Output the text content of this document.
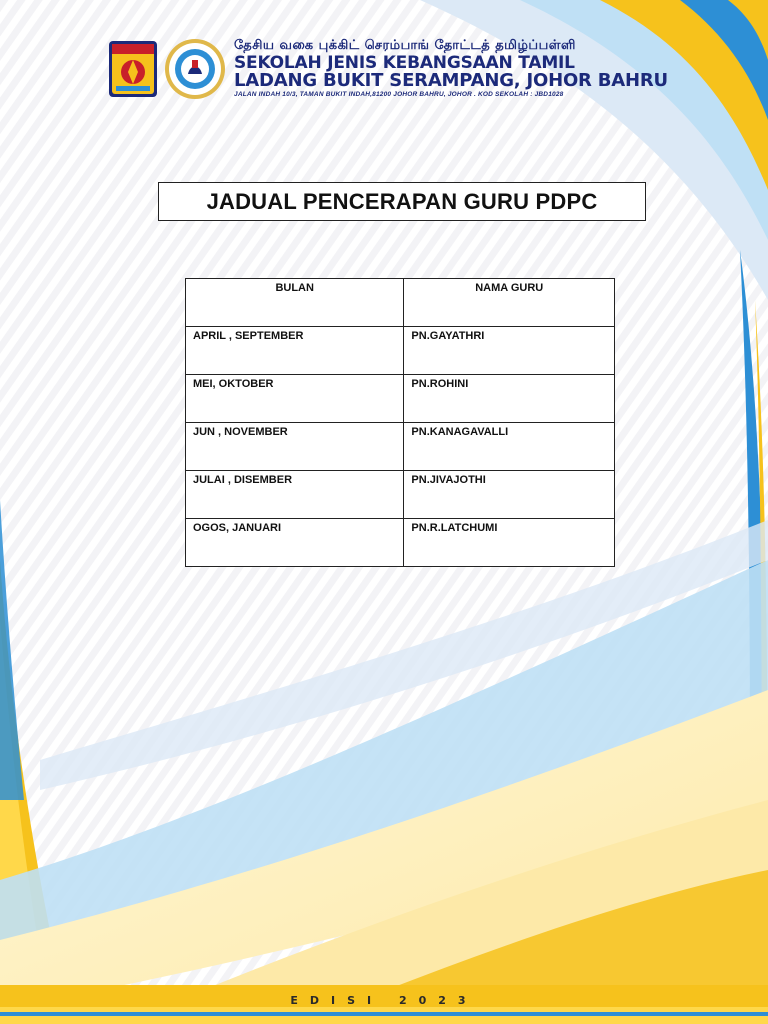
தேசிய வகை புக்கிட் செரம்பாங் தோட்டத் தமிழ்ப்பள்ளி
SEKOLAH JENIS KEBANGSAAN TAMIL
LADANG BUKIT SERAMPANG, JOHOR BAHRU
JALAN INDAH 10/3, TAMAN BUKIT INDAH,81200 JOHOR BAHRU, JOHOR . KOD SEKOLAH : JBD1028
JADUAL PENCERAPAN GURU PDPC
BULAN	NAMA GURU
APRIL , SEPTEMBER	PN.GAYATHRI
MEI, OKTOBER	PN.ROHINI
JUN , NOVEMBER	PN.KANAGAVALLI
JULAI , DISEMBER	PN.JIVAJOTHI
OGOS, JANUARI	PN.R.LATCHUMI
EDISI 2023
